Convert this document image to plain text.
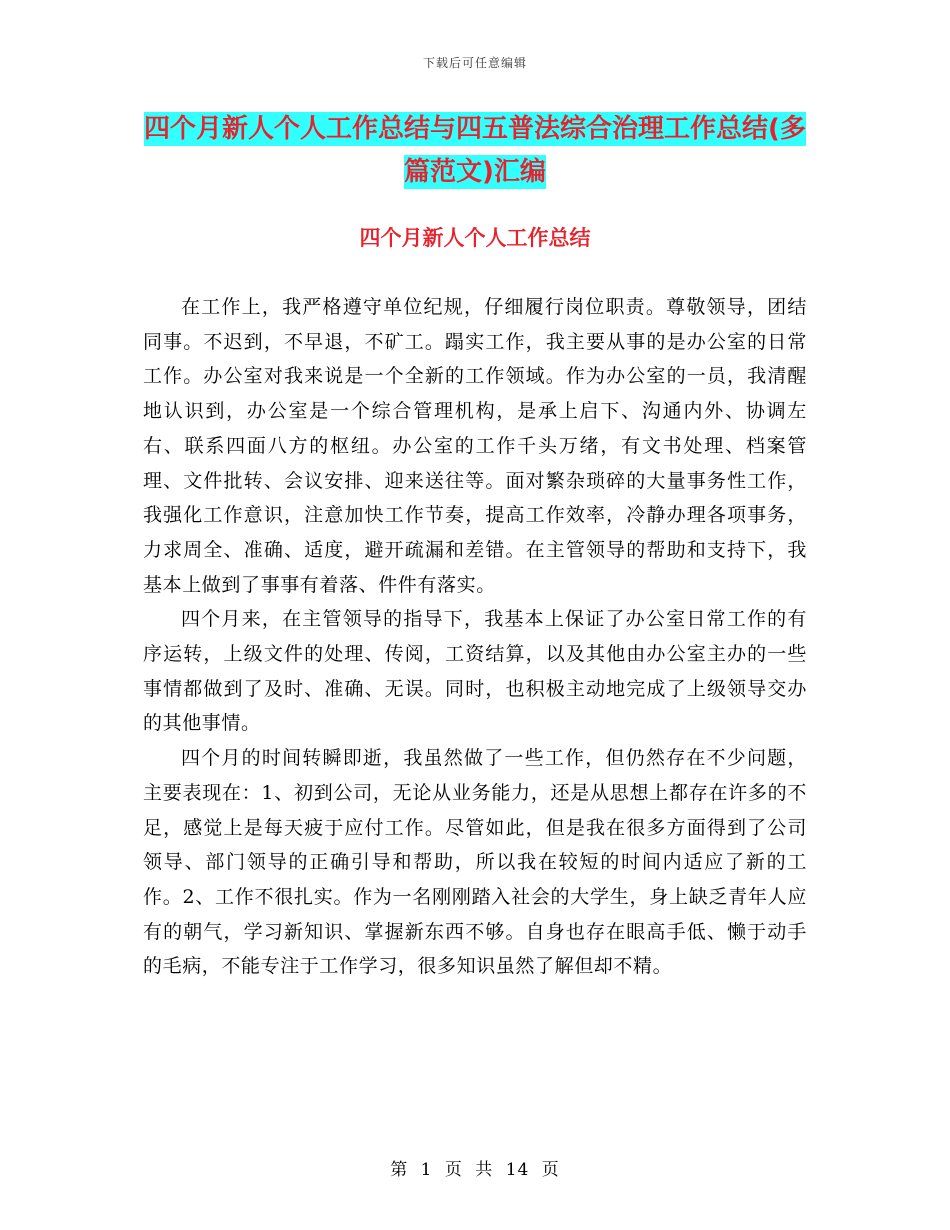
下载后可任意编辑
四个月新人个人工作总结与四五普法综合治理工作总结(多篇范文)汇编
四个月新人个人工作总结

在工作上，我严格遵守单位纪规，仔细履行岗位职责。尊敬领导，团结同事。不迟到，不早退，不矿工。蹋实工作，我主要从事的是办公室的日常工作。办公室对我来说是一个全新的工作领域。作为办公室的一员，我清醒地认识到，办公室是一个综合管理机构，是承上启下、沟通内外、协调左右、联系四面八方的枢纽。办公室的工作千头万绪，有文书处理、档案管理、文件批转、会议安排、迎来送往等。面对繁杂琐碎的大量事务性工作，我强化工作意识，注意加快工作节奏，提高工作效率，冷静办理各项事务，力求周全、准确、适度，避开疏漏和差错。在主管领导的帮助和支持下，我基本上做到了事事有着落、件件有落实。

四个月来，在主管领导的指导下，我基本上保证了办公室日常工作的有序运转，上级文件的处理、传阅，工资结算，以及其他由办公室主办的一些事情都做到了及时、准确、无误。同时，也积极主动地完成了上级领导交办的其他事情。

四个月的时间转瞬即逝，我虽然做了一些工作，但仍然存在不少问题，主要表现在：1、初到公司，无论从业务能力，还是从思想上都存在许多的不足，感觉上是每天疲于应付工作。尽管如此，但是我在很多方面得到了公司领导、部门领导的正确引导和帮助，所以我在较短的时间内适应了新的工作。2、工作不很扎实。作为一名刚刚踏入社会的大学生，身上缺乏青年人应有的朝气，学习新知识、掌握新东西不够。自身也存在眼高手低、懒于动手的毛病，不能专注于工作学习，很多知识虽然了解但却不精。

第 1 页 共 14 页
